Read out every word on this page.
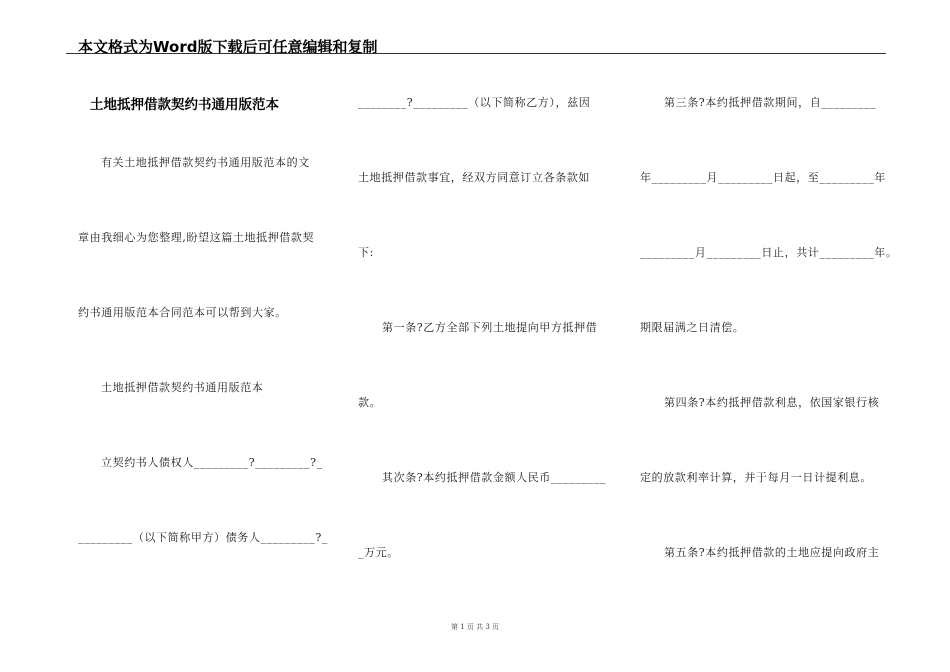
本文格式为Word版下载后可任意编辑和复制
土地抵押借款契约书通用版范本
有关土地抵押借款契约书通用版范本的文
章由我细心为您整理,盼望这篇土地抵押借款契
约书通用版范本合同范本可以帮到大家。
土地抵押借款契约书通用版范本
立契约书人债权人_________?_________?_
_________（以下简称甲方）债务人_________?_
________?_________（以下简称乙方），兹因
土地抵押借款事宜，经双方同意订立各条款如
下:
第一条?乙方全部下列土地提向甲方抵押借
款。
其次条?本约抵押借款金额人民币_________
_万元。
第三条?本约抵押借款期间，自_________
年_________月_________日起，至_________年
_________月_________日止，共计_________年。
期限届满之日清偿。
第四条?本约抵押借款利息，依国家银行核
定的放款利率计算，并于每月一日计提利息。
第五条?本约抵押借款的土地应提向政府主
第 1 页 共 3 页
